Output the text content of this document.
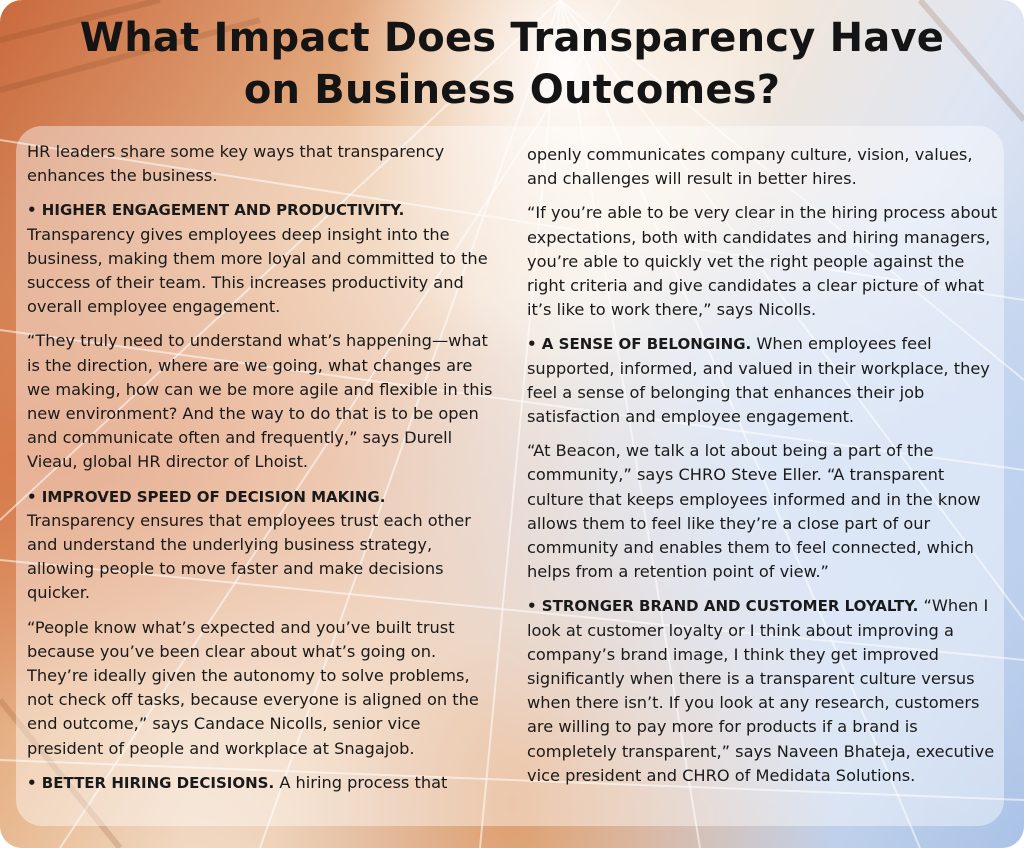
What Impact Does Transparency Have
on Business Outcomes?

HR leaders share some key ways that transparency enhances the business.

• HIGHER ENGAGEMENT AND PRODUCTIVITY. Transparency gives employees deep insight into the business, making them more loyal and committed to the success of their team. This increases productivity and overall employee engagement.

“They truly need to understand what’s happening—what is the direction, where are we going, what changes are we making, how can we be more agile and flexible in this new environment? And the way to do that is to be open and communicate often and frequently,” says Durell Vieau, global HR director of Lhoist.

• IMPROVED SPEED OF DECISION MAKING. Transparency ensures that employees trust each other and understand the underlying business strategy, allowing people to move faster and make decisions quicker.

“People know what’s expected and you’ve built trust because you’ve been clear about what’s going on. They’re ideally given the autonomy to solve problems, not check off tasks, because everyone is aligned on the end outcome,” says Candace Nicolls, senior vice president of people and workplace at Snagajob.

• BETTER HIRING DECISIONS. A hiring process that

openly communicates company culture, vision, values, and challenges will result in better hires.

“If you’re able to be very clear in the hiring process about expectations, both with candidates and hiring managers, you’re able to quickly vet the right people against the right criteria and give candidates a clear picture of what it’s like to work there,” says Nicolls.

• A SENSE OF BELONGING. When employees feel supported, informed, and valued in their workplace, they feel a sense of belonging that enhances their job satisfaction and employee engagement.

“At Beacon, we talk a lot about being a part of the community,” says CHRO Steve Eller. “A transparent culture that keeps employees informed and in the know allows them to feel like they’re a close part of our community and enables them to feel connected, which helps from a retention point of view.”

• STRONGER BRAND AND CUSTOMER LOYALTY. “When I look at customer loyalty or I think about improving a company’s brand image, I think they get improved significantly when there is a transparent culture versus when there isn’t. If you look at any research, customers are willing to pay more for products if a brand is completely transparent,” says Naveen Bhateja, executive vice president and CHRO of Medidata Solutions.
